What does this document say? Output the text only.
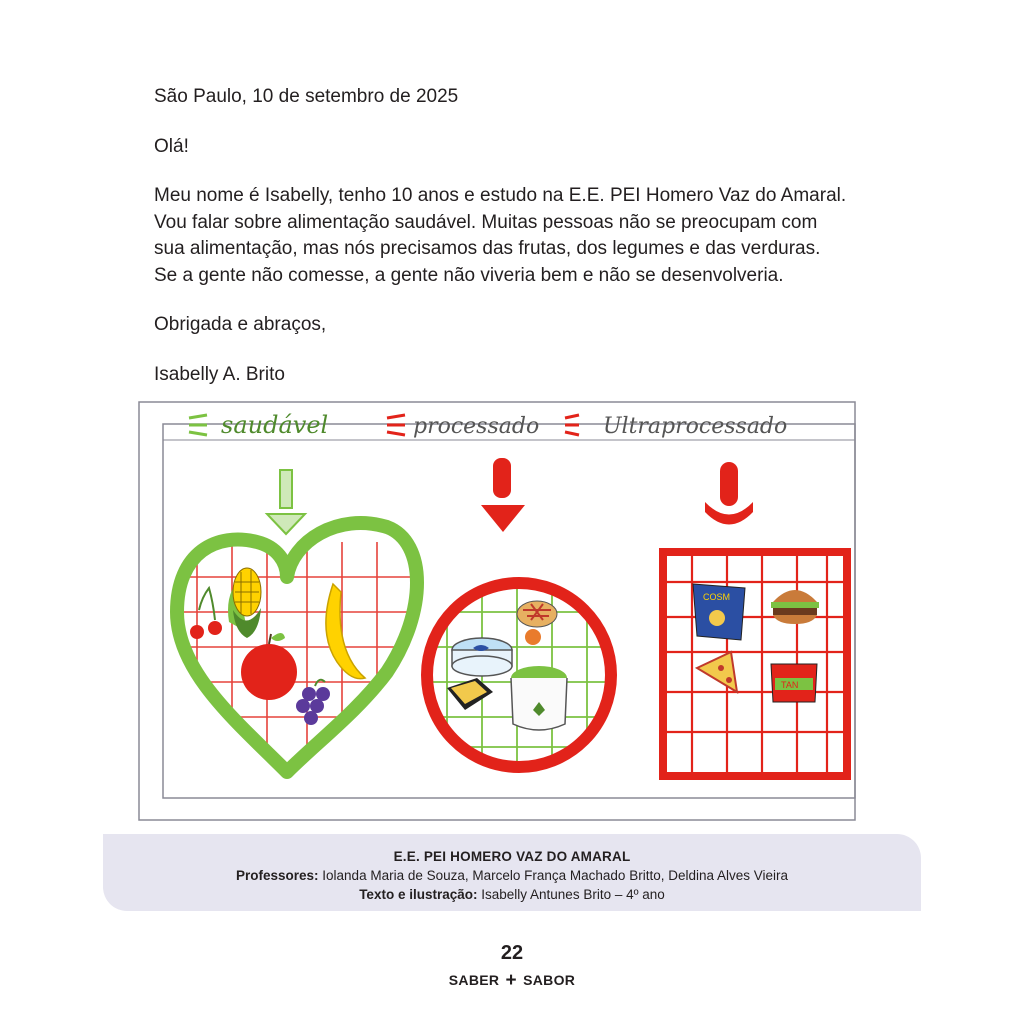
São Paulo, 10 de setembro de 2025

Olá!

Meu nome é Isabelly, tenho 10 anos e estudo na E.E. PEI Homero Vaz do Amaral.

Vou falar sobre alimentação saudável. Muitas pessoas não se preocupam com

sua alimentação, mas nós precisamos das frutas, dos legumes e das verduras.

Se a gente não comesse, a gente não viveria bem e não se desenvolveria.

Obrigada e abraços,

Isabelly A. Brito

saudável	processado	Ultraprocessado
COSM
TAN
E.E. PEI HOMERO VAZ DO AMARAL
Professores: Iolanda Maria de Souza, Marcelo França Machado Britto, Deldina Alves Vieira
Texto e ilustração: Isabelly Antunes Brito – 4º ano
22
SABER + SABOR
